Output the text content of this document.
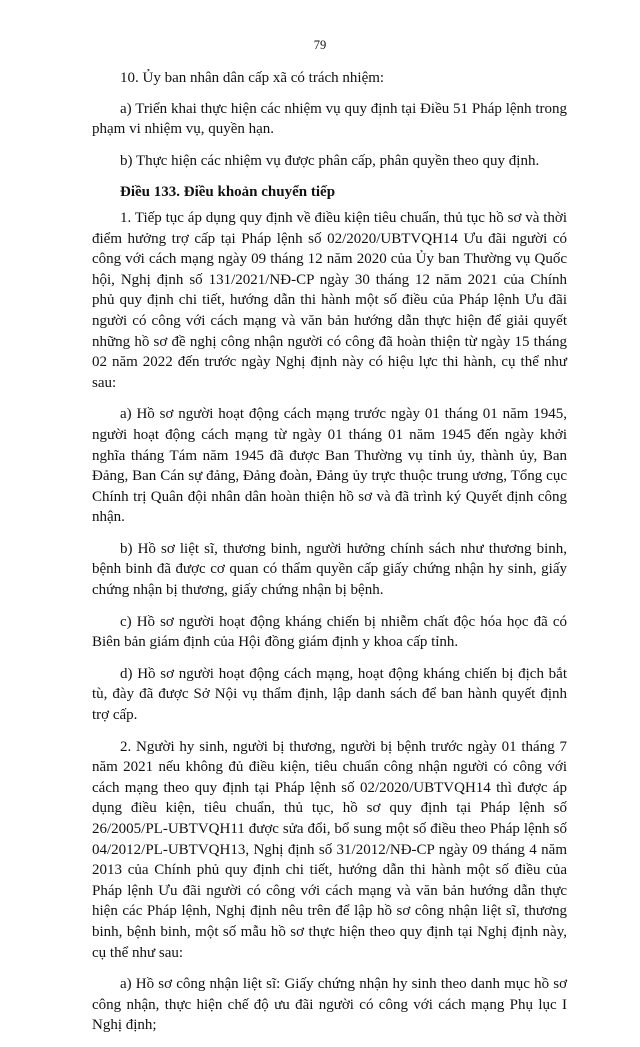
79

10. Ủy ban nhân dân cấp xã có trách nhiệm:

a) Triển khai thực hiện các nhiệm vụ quy định tại Điều 51 Pháp lệnh trong phạm vi nhiệm vụ, quyền hạn.

b) Thực hiện các nhiệm vụ được phân cấp, phân quyền theo quy định.

Điều 133. Điều khoản chuyển tiếp

1. Tiếp tục áp dụng quy định về điều kiện tiêu chuẩn, thủ tục hồ sơ và thời điểm hưởng trợ cấp tại Pháp lệnh số 02/2020/UBTVQH14 Ưu đãi người có công với cách mạng ngày 09 tháng 12 năm 2020 của Ủy ban Thường vụ Quốc hội, Nghị định số 131/2021/NĐ-CP ngày 30 tháng 12 năm 2021 của Chính phủ quy định chi tiết, hướng dẫn thi hành một số điều của Pháp lệnh Ưu đãi người có công với cách mạng và văn bản hướng dẫn thực hiện để giải quyết những hồ sơ đề nghị công nhận người có công đã hoàn thiện từ ngày 15 tháng 02 năm 2022 đến trước ngày Nghị định này có hiệu lực thi hành, cụ thể như sau:

a) Hồ sơ người hoạt động cách mạng trước ngày 01 tháng 01 năm 1945, người hoạt động cách mạng từ ngày 01 tháng 01 năm 1945 đến ngày khởi nghĩa tháng Tám năm 1945 đã được Ban Thường vụ tỉnh ủy, thành ủy, Ban Đảng, Ban Cán sự đảng, Đảng đoàn, Đảng ủy trực thuộc trung ương, Tổng cục Chính trị Quân đội nhân dân hoàn thiện hồ sơ và đã trình ký Quyết định công nhận.

b) Hồ sơ liệt sĩ, thương binh, người hưởng chính sách như thương binh, bệnh binh đã được cơ quan có thẩm quyền cấp giấy chứng nhận hy sinh, giấy chứng nhận bị thương, giấy chứng nhận bị bệnh.

c) Hồ sơ người hoạt động kháng chiến bị nhiễm chất độc hóa học đã có Biên bản giám định của Hội đồng giám định y khoa cấp tỉnh.

d) Hồ sơ người hoạt động cách mạng, hoạt động kháng chiến bị địch bắt tù, đày đã được Sở Nội vụ thẩm định, lập danh sách để ban hành quyết định trợ cấp.

2. Người hy sinh, người bị thương, người bị bệnh trước ngày 01 tháng 7 năm 2021 nếu không đủ điều kiện, tiêu chuẩn công nhận người có công với cách mạng theo quy định tại Pháp lệnh số 02/2020/UBTVQH14 thì được áp dụng điều kiện, tiêu chuẩn, thủ tục, hồ sơ quy định tại Pháp lệnh số 26/2005/PL-UBTVQH11 được sửa đổi, bổ sung một số điều theo Pháp lệnh số 04/2012/PL-UBTVQH13, Nghị định số 31/2012/NĐ-CP ngày 09 tháng 4 năm 2013 của Chính phủ quy định chi tiết, hướng dẫn thi hành một số điều của Pháp lệnh Ưu đãi người có công với cách mạng và văn bản hướng dẫn thực hiện các Pháp lệnh, Nghị định nêu trên để lập hồ sơ công nhận liệt sĩ, thương binh, bệnh binh, một số mẫu hồ sơ thực hiện theo quy định tại Nghị định này, cụ thể như sau:

a) Hồ sơ công nhận liệt sĩ: Giấy chứng nhận hy sinh theo danh mục hồ sơ công nhận, thực hiện chế độ ưu đãi người có công với cách mạng Phụ lục I Nghị định;
